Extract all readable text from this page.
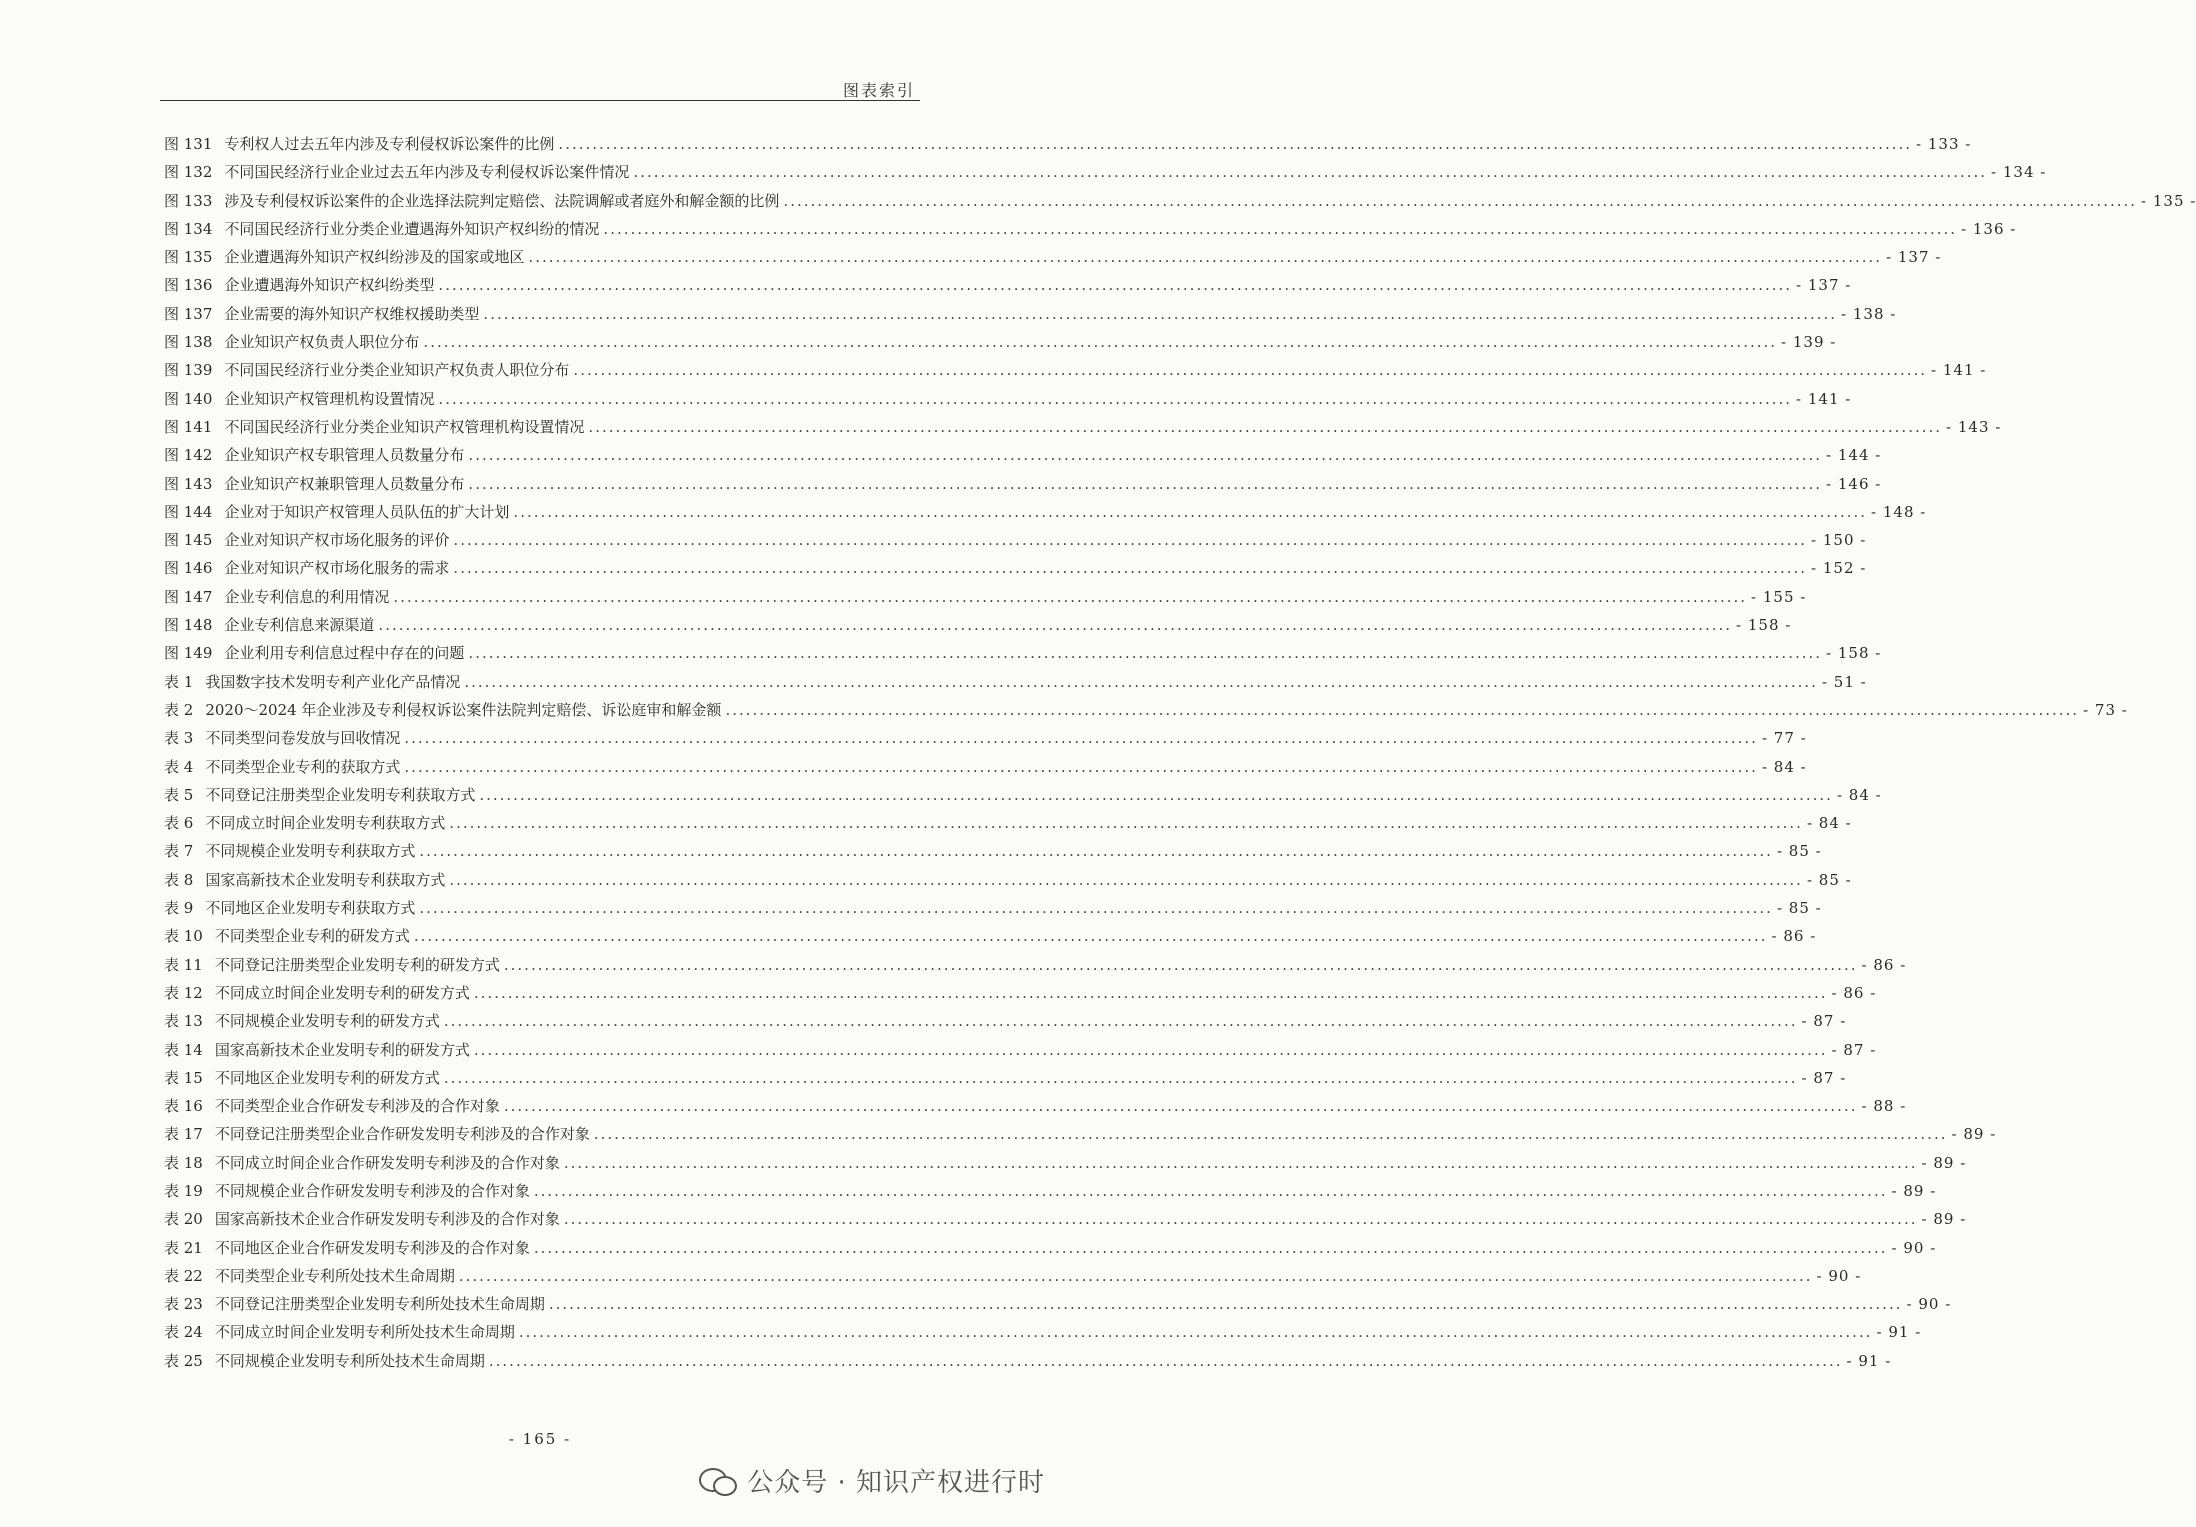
图表索引
图 131 专利权人过去五年内涉及专利侵权诉讼案件的比例 ........................................................................................................................................................................................................ - 133 -
图 132 不同国民经济行业企业过去五年内涉及专利侵权诉讼案件情况 ........................................................................................................................................................................................................ - 134 -
图 133 涉及专利侵权诉讼案件的企业选择法院判定赔偿、法院调解或者庭外和解金额的比例 ........................................................................................................................................................................................................ - 135 -
图 134 不同国民经济行业分类企业遭遇海外知识产权纠纷的情况 ........................................................................................................................................................................................................ - 136 -
图 135 企业遭遇海外知识产权纠纷涉及的国家或地区 ........................................................................................................................................................................................................ - 137 -
图 136 企业遭遇海外知识产权纠纷类型 ........................................................................................................................................................................................................ - 137 -
图 137 企业需要的海外知识产权维权援助类型 ........................................................................................................................................................................................................ - 138 -
图 138 企业知识产权负责人职位分布 ........................................................................................................................................................................................................ - 139 -
图 139 不同国民经济行业分类企业知识产权负责人职位分布 ........................................................................................................................................................................................................ - 141 -
图 140 企业知识产权管理机构设置情况 ........................................................................................................................................................................................................ - 141 -
图 141 不同国民经济行业分类企业知识产权管理机构设置情况 ........................................................................................................................................................................................................ - 143 -
图 142 企业知识产权专职管理人员数量分布 ........................................................................................................................................................................................................ - 144 -
图 143 企业知识产权兼职管理人员数量分布 ........................................................................................................................................................................................................ - 146 -
图 144 企业对于知识产权管理人员队伍的扩大计划 ........................................................................................................................................................................................................ - 148 -
图 145 企业对知识产权市场化服务的评价 ........................................................................................................................................................................................................ - 150 -
图 146 企业对知识产权市场化服务的需求 ........................................................................................................................................................................................................ - 152 -
图 147 企业专利信息的利用情况 ........................................................................................................................................................................................................ - 155 -
图 148 企业专利信息来源渠道 ........................................................................................................................................................................................................ - 158 -
图 149 企业利用专利信息过程中存在的问题 ........................................................................................................................................................................................................ - 158 -
表 1 我国数字技术发明专利产业化产品情况 ........................................................................................................................................................................................................ - 51 -
表 2 2020～2024 年企业涉及专利侵权诉讼案件法院判定赔偿、诉讼庭审和解金额 ........................................................................................................................................................................................................ - 73 -
表 3 不同类型问卷发放与回收情况 ........................................................................................................................................................................................................ - 77 -
表 4 不同类型企业专利的获取方式 ........................................................................................................................................................................................................ - 84 -
表 5 不同登记注册类型企业发明专利获取方式 ........................................................................................................................................................................................................ - 84 -
表 6 不同成立时间企业发明专利获取方式 ........................................................................................................................................................................................................ - 84 -
表 7 不同规模企业发明专利获取方式 ........................................................................................................................................................................................................ - 85 -
表 8 国家高新技术企业发明专利获取方式 ........................................................................................................................................................................................................ - 85 -
表 9 不同地区企业发明专利获取方式 ........................................................................................................................................................................................................ - 85 -
表 10 不同类型企业专利的研发方式 ........................................................................................................................................................................................................ - 86 -
表 11 不同登记注册类型企业发明专利的研发方式 ........................................................................................................................................................................................................ - 86 -
表 12 不同成立时间企业发明专利的研发方式 ........................................................................................................................................................................................................ - 86 -
表 13 不同规模企业发明专利的研发方式 ........................................................................................................................................................................................................ - 87 -
表 14 国家高新技术企业发明专利的研发方式 ........................................................................................................................................................................................................ - 87 -
表 15 不同地区企业发明专利的研发方式 ........................................................................................................................................................................................................ - 87 -
表 16 不同类型企业合作研发专利涉及的合作对象 ........................................................................................................................................................................................................ - 88 -
表 17 不同登记注册类型企业合作研发发明专利涉及的合作对象 ........................................................................................................................................................................................................ - 89 -
表 18 不同成立时间企业合作研发发明专利涉及的合作对象 ........................................................................................................................................................................................................ - 89 -
表 19 不同规模企业合作研发发明专利涉及的合作对象 ........................................................................................................................................................................................................ - 89 -
表 20 国家高新技术企业合作研发发明专利涉及的合作对象 ........................................................................................................................................................................................................ - 89 -
表 21 不同地区企业合作研发发明专利涉及的合作对象 ........................................................................................................................................................................................................ - 90 -
表 22 不同类型企业专利所处技术生命周期 ........................................................................................................................................................................................................ - 90 -
表 23 不同登记注册类型企业发明专利所处技术生命周期 ........................................................................................................................................................................................................ - 90 -
表 24 不同成立时间企业发明专利所处技术生命周期 ........................................................................................................................................................................................................ - 91 -
表 25 不同规模企业发明专利所处技术生命周期 ........................................................................................................................................................................................................ - 91 -
- 165 -
公众号 · 知识产权进行时
